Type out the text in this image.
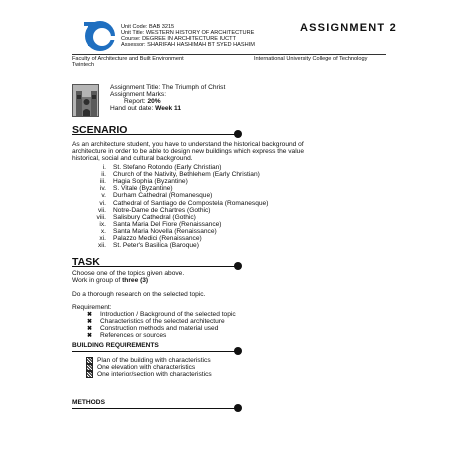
Unit Code: BAB 3215
Unit Title: WESTERN HISTORY OF ARCHITECTURE
Course: DEGREE IN ARCHITECTURE IUCTT
Assessor: SHARIFAH HASHIMAH BT SYED HASHIM
ASSIGNMENT 2
Faculty of Architecture and Built Environment	International University College of Technology
Twintech
Assignment Title: The Triumph of Christ
Assignment Marks:
Report: 20%
Hand out date: Week 11
SCENARIO
As an architecture student, you have to understand the historical background of
architecture in order to be able to design new buildings which express the value
historical, social and cultural background.
i. St. Stefano Rotondo (Early Christian)
ii. Church of the Nativity, Bethlehem (Early Christian)
iii. Hagia Sophia (Byzantine)
iv. S. Vitale (Byzantine)
v. Durham Cathedral (Romanesque)
vi. Cathedral of Santiago de Compostela (Romanesque)
vii. Notre-Dame de Chartres (Gothic)
viii. Salisbury Cathedral (Gothic)
ix. Santa Maria Del Fiore (Renaissance)
x. Santa Maria Novella (Renaissance)
xi. Palazzo Medici (Renaissance)
xii. St. Peter's Basilica (Baroque)
TASK
Choose one of the topics given above.
Work in group of three (3)
Do a thorough research on the selected topic.
Requirement:
✖ Introduction / Background of the selected topic
✖ Characteristics of the selected architecture
✖ Construction methods and material used
✖ References or sources
BUILDING REQUIREMENTS
Plan of the building with characteristics
One elevation with characteristics
One interior/section with characteristics
METHODS
